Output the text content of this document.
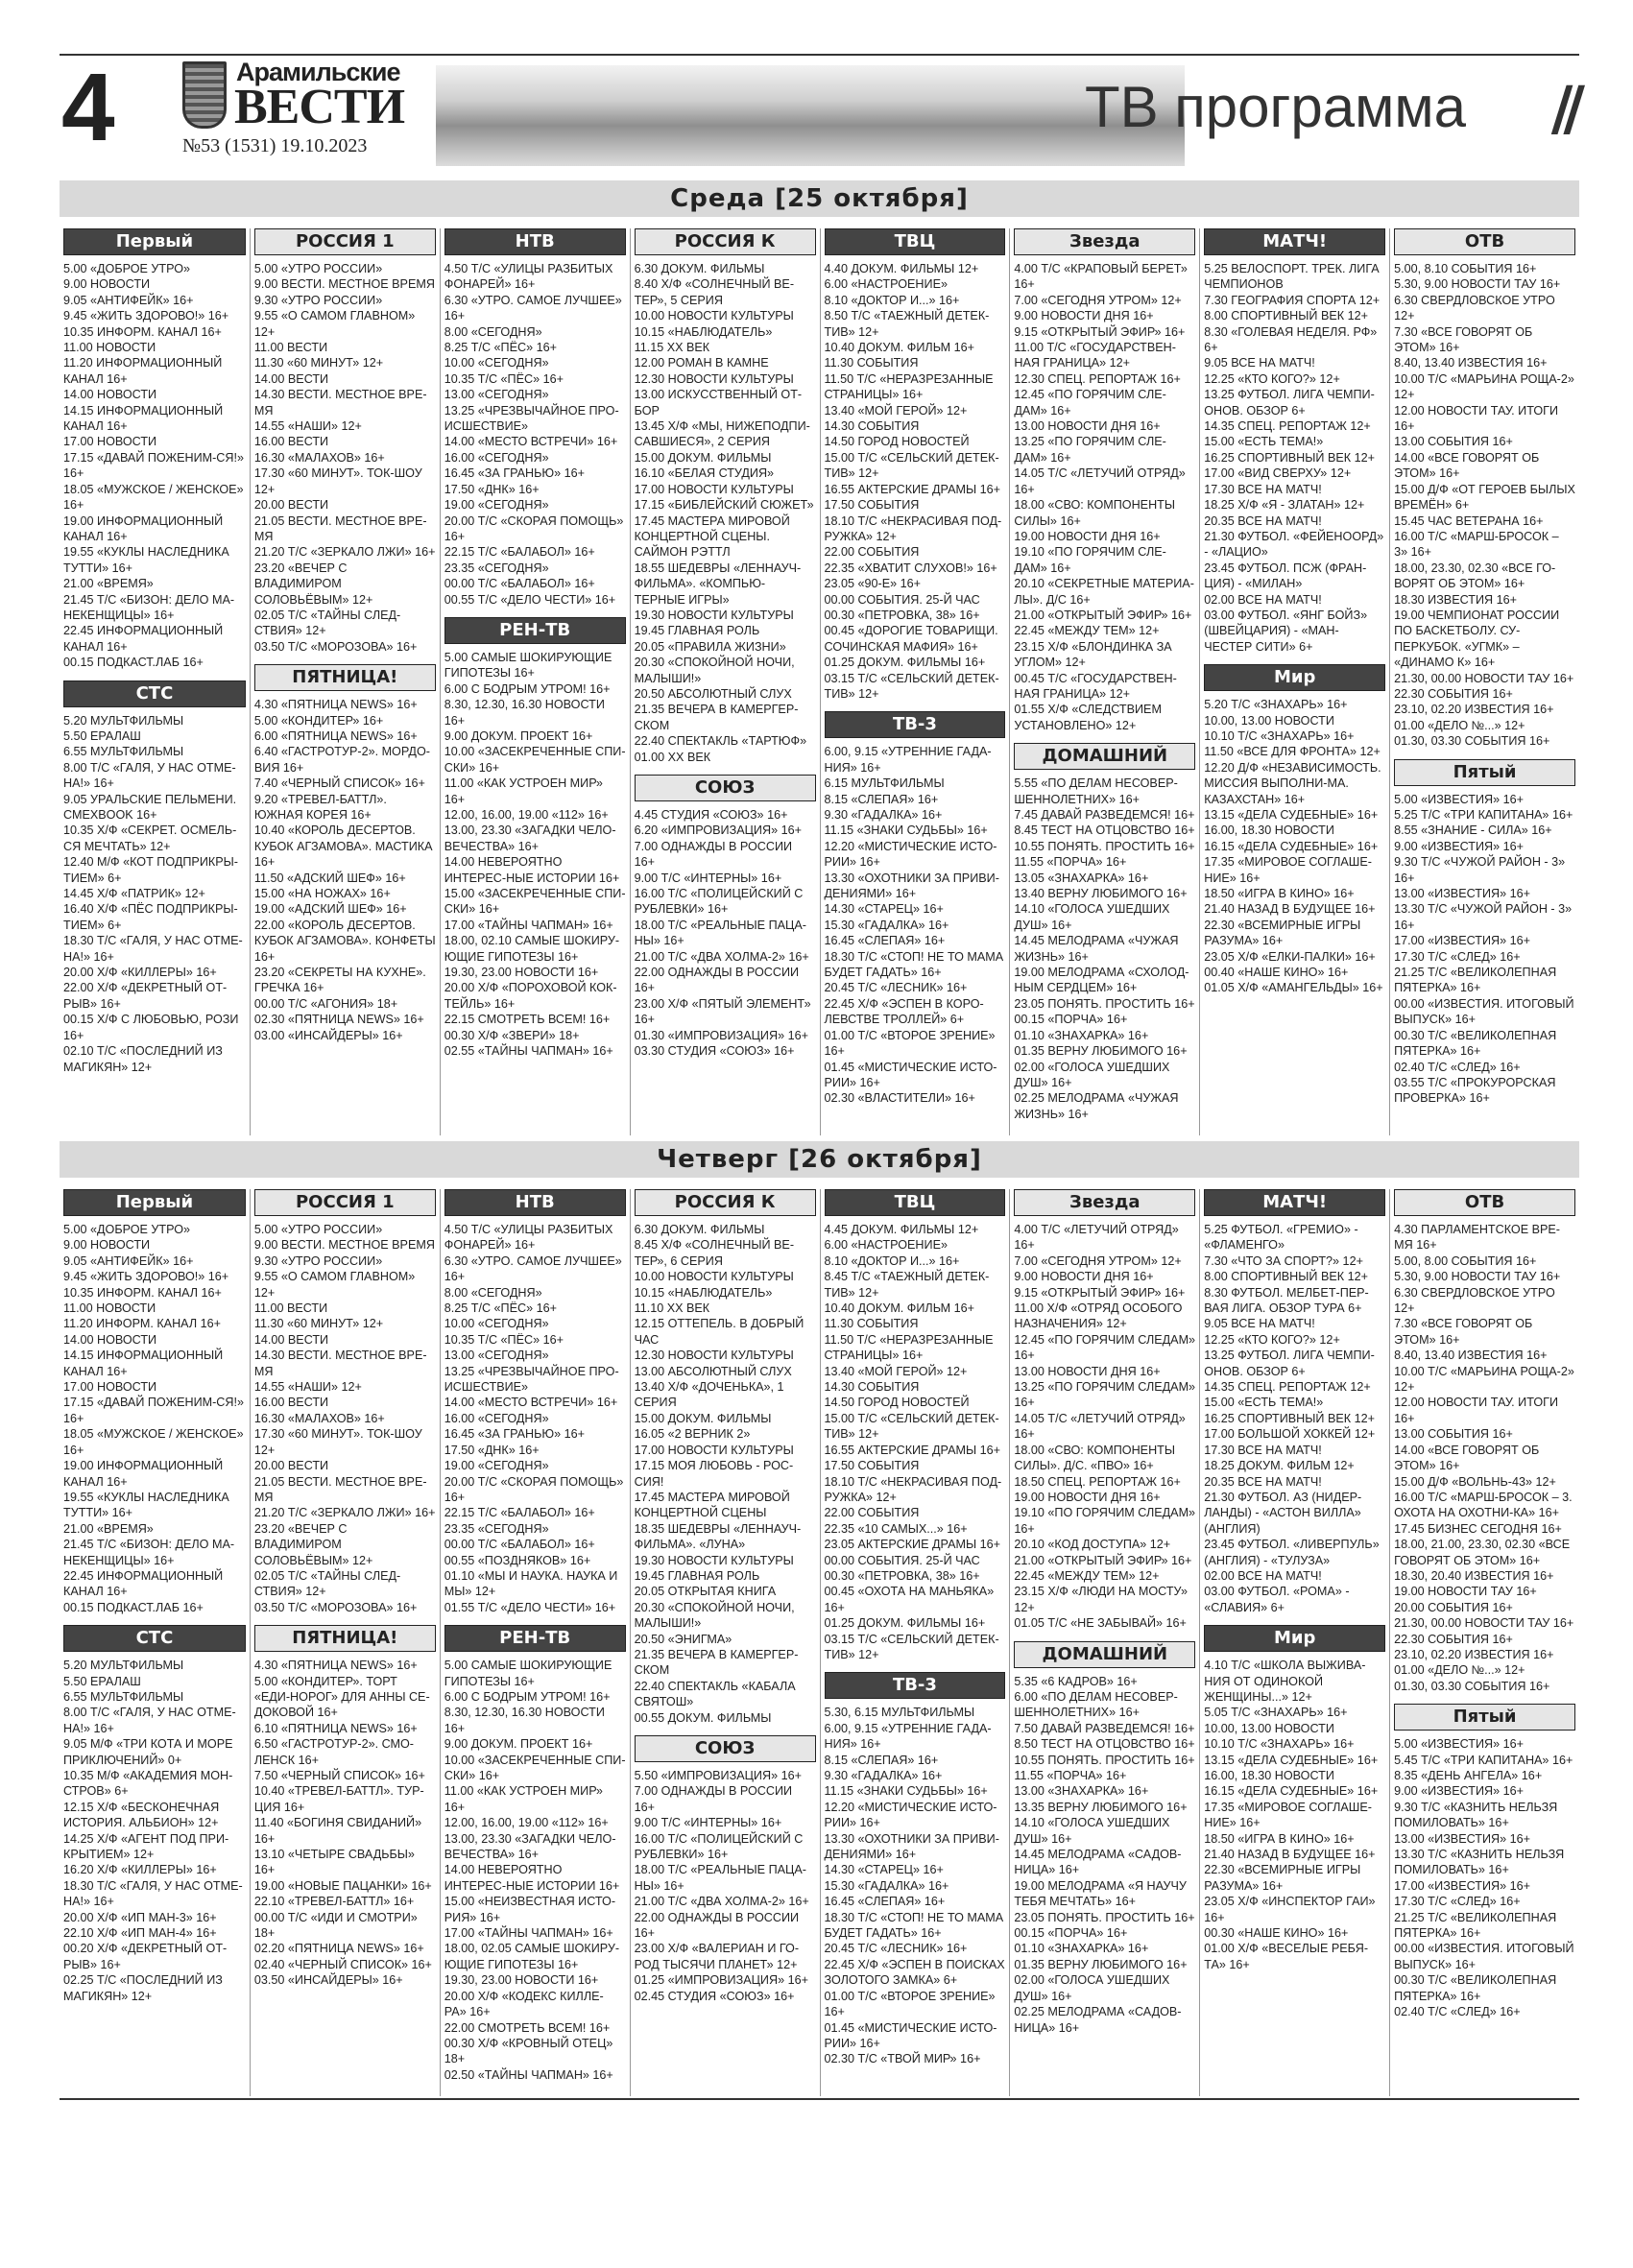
4	Арамильские
ВЕСТИ
№53 (1531) 19.10.2023
ТВ программа //
Среда [25 октября]
Первый
5.00 «ДОБРОЕ УТРО»
9.00 НОВОСТИ
9.05 «АНТИФЕЙК» 16+
9.45 «ЖИТЬ ЗДОРОВО!» 16+
10.35 ИНФОРМ. КАНАЛ 16+
11.00 НОВОСТИ
11.20 ИНФОРМАЦИОННЫЙ КАНАЛ 16+
14.00 НОВОСТИ
14.15 ИНФОРМАЦИОННЫЙ КАНАЛ 16+
17.00 НОВОСТИ
17.15 «ДАВАЙ ПОЖЕНИМ-СЯ!» 16+
18.05 «МУЖСКОЕ / ЖЕНСКОЕ» 16+
19.00 ИНФОРМАЦИОННЫЙ КАНАЛ 16+
19.55 «КУКЛЫ НАСЛЕДНИКА ТУТТИ» 16+
21.00 «ВРЕМЯ»
21.45 Т/С «БИЗОН: ДЕЛО МА-НЕКЕНЩИЦЫ» 16+
22.45 ИНФОРМАЦИОННЫЙ КАНАЛ 16+
00.15 ПОДКАСТ.ЛАБ 16+
СТС
5.20 МУЛЬТФИЛЬМЫ
5.50 ЕРАЛАШ
6.55 МУЛЬТФИЛЬМЫ
8.00 Т/С «ГАЛЯ, У НАС ОТМЕ-НА!» 16+
9.05 УРАЛЬСКИЕ ПЕЛЬМЕНИ. СМЕХBOOK 16+
10.35 Х/Ф «СЕКРЕТ. ОСМЕЛЬ-СЯ МЕЧТАТЬ» 12+
12.40 М/Ф «КОТ ПОДПРИКРЫ-ТИЕМ» 6+
14.45 Х/Ф «ПАТРИК» 12+
16.40 Х/Ф «ПЁС ПОДПРИКРЫ-ТИЕМ» 6+
18.30 Т/С «ГАЛЯ, У НАС ОТМЕ-НА!» 16+
20.00 Х/Ф «КИЛЛЕРЫ» 16+
22.00 Х/Ф «ДЕКРЕТНЫЙ ОТ-РЫВ» 16+
00.15 Х/Ф С ЛЮБОВЬЮ, РОЗИ 16+
02.10 Т/С «ПОСЛЕДНИЙ ИЗ МАГИКЯН» 12+
РОССИЯ 1
5.00 «УТРО РОССИИ»
9.00 ВЕСТИ. МЕСТНОЕ ВРЕМЯ
9.30 «УТРО РОССИИ»
9.55 «О САМОМ ГЛАВНОМ» 12+
11.00 ВЕСТИ
11.30 «60 МИНУТ» 12+
14.00 ВЕСТИ
14.30 ВЕСТИ. МЕСТНОЕ ВРЕ-МЯ
14.55 «НАШИ» 12+
16.00 ВЕСТИ
16.30 «МАЛАХОВ» 16+
17.30 «60 МИНУТ». ТОК-ШОУ 12+
20.00 ВЕСТИ
21.05 ВЕСТИ. МЕСТНОЕ ВРЕ-МЯ
21.20 Т/С «ЗЕРКАЛО ЛЖИ» 16+
23.20 «ВЕЧЕР С ВЛАДИМИРОМ СОЛОВЬЁВЫМ» 12+
02.05 Т/С «ТАЙНЫ СЛЕД-СТВИЯ» 12+
03.50 Т/С «МОРОЗОВА» 16+
ПЯТНИЦА!
4.30 «ПЯТНИЦА NEWS» 16+
5.00 «КОНДИТЕР» 16+
6.00 «ПЯТНИЦА NEWS» 16+
6.40 «ГАСТРОТУР-2». МОРДО-ВИЯ 16+
7.40 «ЧЕРНЫЙ СПИСОК» 16+
9.20 «ТРЕВЕЛ-БАТТЛ». ЮЖНАЯ КОРЕЯ 16+
10.40 «КОРОЛЬ ДЕСЕРТОВ. КУБОК АГЗАМОВА». МАСТИКА 16+
11.50 «АДСКИЙ ШЕФ» 16+
15.00 «НА НОЖАХ» 16+
19.00 «АДСКИЙ ШЕФ» 16+
22.00 «КОРОЛЬ ДЕСЕРТОВ. КУБОК АГЗАМОВА». КОНФЕТЫ 16+
23.20 «СЕКРЕТЫ НА КУХНЕ». ГРЕЧКА 16+
00.00 Т/С «АГОНИЯ» 18+
02.30 «ПЯТНИЦА NEWS» 16+
03.00 «ИНСАЙДЕРЫ» 16+
НТВ
4.50 Т/С «УЛИЦЫ РАЗБИТЫХ ФОНАРЕЙ» 16+
6.30 «УТРО. САМОЕ ЛУЧШЕЕ» 16+
8.00 «СЕГОДНЯ»
8.25 Т/С «ПЁС» 16+
10.00 «СЕГОДНЯ»
10.35 Т/С «ПЁС» 16+
13.00 «СЕГОДНЯ»
13.25 «ЧРЕЗВЫЧАЙНОЕ ПРО-ИСШЕСТВИЕ»
14.00 «МЕСТО ВСТРЕЧИ» 16+
16.00 «СЕГОДНЯ»
16.45 «ЗА ГРАНЬЮ» 16+
17.50 «ДНК» 16+
19.00 «СЕГОДНЯ»
20.00 Т/С «СКОРАЯ ПОМОЩЬ» 16+
22.15 Т/С «БАЛАБОЛ» 16+
23.35 «СЕГОДНЯ»
00.00 Т/С «БАЛАБОЛ» 16+
00.55 Т/С «ДЕЛО ЧЕСТИ» 16+
РЕН-ТВ
5.00 САМЫЕ ШОКИРУЮЩИЕ ГИПОТЕЗЫ 16+
6.00 С БОДРЫМ УТРОМ! 16+
8.30, 12.30, 16.30 НОВОСТИ 16+
9.00 ДОКУМ. ПРОЕКТ 16+
10.00 «ЗАСЕКРЕЧЕННЫЕ СПИ-СКИ» 16+
11.00 «КАК УСТРОЕН МИР» 16+
12.00, 16.00, 19.00 «112» 16+
13.00, 23.30 «ЗАГАДКИ ЧЕЛО-ВЕЧЕСТВА» 16+
14.00 НЕВЕРОЯТНО ИНТЕРЕС-НЫЕ ИСТОРИИ 16+
15.00 «ЗАСЕКРЕЧЕННЫЕ СПИ-СКИ» 16+
17.00 «ТАЙНЫ ЧАПМАН» 16+
18.00, 02.10 САМЫЕ ШОКИРУ-ЮЩИЕ ГИПОТЕЗЫ 16+
19.30, 23.00 НОВОСТИ 16+
20.00 Х/Ф «ПОРОХОВОЙ КОК-ТЕЙЛЬ» 16+
22.15 СМОТРЕТЬ ВСЕМ! 16+
00.30 Х/Ф «ЗВЕРИ» 18+
02.55 «ТАЙНЫ ЧАПМАН» 16+
РОССИЯ К
6.30 ДОКУМ. ФИЛЬМЫ
8.40 Х/Ф «СОЛНЕЧНЫЙ ВЕ-ТЕР», 5 СЕРИЯ
10.00 НОВОСТИ КУЛЬТУРЫ
10.15 «НАБЛЮДАТЕЛЬ»
11.15 XX ВЕК
12.00 РОМАН В КАМНЕ
12.30 НОВОСТИ КУЛЬТУРЫ
13.00 ИСКУССТВЕННЫЙ ОТ-БОР
13.45 Х/Ф «МЫ, НИЖЕПОДПИ-САВШИЕСЯ», 2 СЕРИЯ
15.00 ДОКУМ. ФИЛЬМЫ
16.10 «БЕЛАЯ СТУДИЯ»
17.00 НОВОСТИ КУЛЬТУРЫ
17.15 «БИБЛЕЙСКИЙ СЮЖЕТ»
17.45 МАСТЕРА МИРОВОЙ КОНЦЕРТНОЙ СЦЕНЫ. САЙМОН РЭТТЛ
18.55 ШЕДЕВРЫ «ЛЕННАУЧ-ФИЛЬМА». «КОМПЬЮ-ТЕРНЫЕ ИГРЫ»
19.30 НОВОСТИ КУЛЬТУРЫ
19.45 ГЛАВНАЯ РОЛЬ
20.05 «ПРАВИЛА ЖИЗНИ»
20.30 «СПОКОЙНОЙ НОЧИ, МАЛЫШИ!»
20.50 АБСОЛЮТНЫЙ СЛУХ
21.35 ВЕЧЕРА В КАМЕРГЕР-СКОМ
22.40 СПЕКТАКЛЬ «ТАРТЮФ»
01.00 XX ВЕК
СОЮЗ
4.45 СТУДИЯ «СОЮЗ» 16+
6.20 «ИМПРОВИЗАЦИЯ» 16+
7.00 ОДНАЖДЫ В РОССИИ 16+
9.00 Т/С «ИНТЕРНЫ» 16+
16.00 Т/С «ПОЛИЦЕЙСКИЙ С РУБЛЕВКИ» 16+
18.00 Т/С «РЕАЛЬНЫЕ ПАЦА-НЫ» 16+
21.00 Т/С «ДВА ХОЛМА-2» 16+
22.00 ОДНАЖДЫ В РОССИИ 16+
23.00 Х/Ф «ПЯТЫЙ ЭЛЕМЕНТ» 16+
01.30 «ИМПРОВИЗАЦИЯ» 16+
03.30 СТУДИЯ «СОЮЗ» 16+
ТВЦ
4.40 ДОКУМ. ФИЛЬМЫ 12+
6.00 «НАСТРОЕНИЕ»
8.10 «ДОКТОР И...» 16+
8.50 Т/С «ТАЕЖНЫЙ ДЕТЕК-ТИВ» 12+
10.40 ДОКУМ. ФИЛЬМ 16+
11.30 СОБЫТИЯ
11.50 Т/С «НЕРАЗРЕЗАННЫЕ СТРАНИЦЫ» 16+
13.40 «МОЙ ГЕРОЙ» 12+
14.30 СОБЫТИЯ
14.50 ГОРОД НОВОСТЕЙ
15.00 Т/С «СЕЛЬСКИЙ ДЕТЕК-ТИВ» 12+
16.55 АКТЕРСКИЕ ДРАМЫ 16+
17.50 СОБЫТИЯ
18.10 Т/С «НЕКРАСИВАЯ ПОД-РУЖКА» 12+
22.00 СОБЫТИЯ
22.35 «ХВАТИТ СЛУХОВ!» 16+
23.05 «90-Е» 16+
00.00 СОБЫТИЯ. 25-Й ЧАС
00.30 «ПЕТРОВКА, 38» 16+
00.45 «ДОРОГИЕ ТОВАРИЩИ. СОЧИНСКАЯ МАФИЯ» 16+
01.25 ДОКУМ. ФИЛЬМЫ 16+
03.15 Т/С «СЕЛЬСКИЙ ДЕТЕК-ТИВ» 12+
ТВ-3
6.00, 9.15 «УТРЕННИЕ ГАДА-НИЯ» 16+
6.15 МУЛЬТФИЛЬМЫ
8.15 «СЛЕПАЯ» 16+
9.30 «ГАДАЛКА» 16+
11.15 «ЗНАКИ СУДЬБЫ» 16+
12.20 «МИСТИЧЕСКИЕ ИСТО-РИИ» 16+
13.30 «ОХОТНИКИ ЗА ПРИВИ-ДЕНИЯМИ» 16+
14.30 «СТАРЕЦ» 16+
15.30 «ГАДАЛКА» 16+
16.45 «СЛЕПАЯ» 16+
18.30 Т/С «СТОП! НЕ ТО МАМА БУДЕТ ГАДАТЬ» 16+
20.45 Т/С «ЛЕСНИК» 16+
22.45 Х/Ф «ЭСПЕН В КОРО-ЛЕВСТВЕ ТРОЛЛЕЙ» 6+
01.00 Т/С «ВТОРОЕ ЗРЕНИЕ» 16+
01.45 «МИСТИЧЕСКИЕ ИСТО-РИИ» 16+
02.30 «ВЛАСТИТЕЛИ» 16+
Звезда
4.00 Т/С «КРАПОВЫЙ БЕРЕТ» 16+
7.00 «СЕГОДНЯ УТРОМ» 12+
9.00 НОВОСТИ ДНЯ 16+
9.15 «ОТКРЫТЫЙ ЭФИР» 16+
11.00 Т/С «ГОСУДАРСТВЕН-НАЯ ГРАНИЦА» 12+
12.30 СПЕЦ. РЕПОРТАЖ 16+
12.45 «ПО ГОРЯЧИМ СЛЕ-ДАМ» 16+
13.00 НОВОСТИ ДНЯ 16+
13.25 «ПО ГОРЯЧИМ СЛЕ-ДАМ» 16+
14.05 Т/С «ЛЕТУЧИЙ ОТРЯД» 16+
18.00 «СВО: КОМПОНЕНТЫ СИЛЫ» 16+
19.00 НОВОСТИ ДНЯ 16+
19.10 «ПО ГОРЯЧИМ СЛЕ-ДАМ» 16+
20.10 «СЕКРЕТНЫЕ МАТЕРИА-ЛЫ». Д/С 16+
21.00 «ОТКРЫТЫЙ ЭФИР» 16+
22.45 «МЕЖДУ ТЕМ» 12+
23.15 Х/Ф «БЛОНДИНКА ЗА УГЛОМ» 12+
00.45 Т/С «ГОСУДАРСТВЕН-НАЯ ГРАНИЦА» 12+
01.55 Х/Ф «СЛЕДСТВИЕМ УСТАНОВЛЕНО» 12+
ДОМАШНИЙ
5.55 «ПО ДЕЛАМ НЕСОВЕР-ШЕННОЛЕТНИХ» 16+
7.45 ДАВАЙ РАЗВЕДЕМСЯ! 16+
8.45 ТЕСТ НА ОТЦОВСТВО 16+
10.55 ПОНЯТЬ. ПРОСТИТЬ 16+
11.55 «ПОРЧА» 16+
13.05 «ЗНАХАРКА» 16+
13.40 ВЕРНУ ЛЮБИМОГО 16+
14.10 «ГОЛОСА УШЕДШИХ ДУШ» 16+
14.45 МЕЛОДРАМА «ЧУЖАЯ ЖИЗНЬ» 16+
19.00 МЕЛОДРАМА «СХОЛОД-НЫМ СЕРДЦЕМ» 16+
23.05 ПОНЯТЬ. ПРОСТИТЬ 16+
00.15 «ПОРЧА» 16+
01.10 «ЗНАХАРКА» 16+
01.35 ВЕРНУ ЛЮБИМОГО 16+
02.00 «ГОЛОСА УШЕДШИХ ДУШ» 16+
02.25 МЕЛОДРАМА «ЧУЖАЯ ЖИЗНЬ» 16+
МАТЧ!
5.25 ВЕЛОСПОРТ. ТРЕК. ЛИГА ЧЕМПИОНОВ
7.30 ГЕОГРАФИЯ СПОРТА 12+
8.00 СПОРТИВНЫЙ ВЕК 12+
8.30 «ГОЛЕВАЯ НЕДЕЛЯ. РФ» 6+
9.05 ВСЕ НА МАТЧ!
12.25 «КТО КОГО?» 12+
13.25 ФУТБОЛ. ЛИГА ЧЕМПИ-ОНОВ. ОБЗОР 6+
14.35 СПЕЦ. РЕПОРТАЖ 12+
15.00 «ЕСТЬ ТЕМА!»
16.25 СПОРТИВНЫЙ ВЕК 12+
17.00 «ВИД СВЕРХУ» 12+
17.30 ВСЕ НА МАТЧ!
18.25 Х/Ф «Я - ЗЛАТАН» 12+
20.35 ВСЕ НА МАТЧ!
21.30 ФУТБОЛ. «ФЕЙЕНООРД» - «ЛАЦИО»
23.45 ФУТБОЛ. ПСЖ (ФРАН-ЦИЯ) - «МИЛАН»
02.00 ВСЕ НА МАТЧ!
03.00 ФУТБОЛ. «ЯНГ БОЙЗ» (ШВЕЙЦАРИЯ) - «МАН-ЧЕСТЕР СИТИ» 6+
Мир
5.20 Т/С «ЗНАХАРЬ» 16+
10.00, 13.00 НОВОСТИ
10.10 Т/С «ЗНАХАРЬ» 16+
11.50 «ВСЕ ДЛЯ ФРОНТА» 12+
12.20 Д/Ф «НЕЗАВИСИМОСТЬ. МИССИЯ ВЫПОЛНИ-МА. КАЗАХСТАН» 16+
13.15 «ДЕЛА СУДЕБНЫЕ» 16+
16.00, 18.30 НОВОСТИ
16.15 «ДЕЛА СУДЕБНЫЕ» 16+
17.35 «МИРОВОЕ СОГЛАШЕ-НИЕ» 16+
18.50 «ИГРА В КИНО» 16+
21.40 НАЗАД В БУДУЩЕЕ 16+
22.30 «ВСЕМИРНЫЕ ИГРЫ РАЗУМА» 16+
23.05 Х/Ф «ЕЛКИ-ПАЛКИ» 16+
00.40 «НАШЕ КИНО» 16+
01.05 Х/Ф «АМАНГЕЛЬДЫ» 16+
ОТВ
5.00, 8.10 СОБЫТИЯ 16+
5.30, 9.00 НОВОСТИ ТАУ 16+
6.30 СВЕРДЛОВСКОЕ УТРО 12+
7.30 «ВСЕ ГОВОРЯТ ОБ ЭТОМ» 16+
8.40, 13.40 ИЗВЕСТИЯ 16+
10.00 Т/С «МАРЬИНА РОЩА-2» 12+
12.00 НОВОСТИ ТАУ. ИТОГИ 16+
13.00 СОБЫТИЯ 16+
14.00 «ВСЕ ГОВОРЯТ ОБ ЭТОМ» 16+
15.00 Д/Ф «ОТ ГЕРОЕВ БЫЛЫХ ВРЕМЁН» 6+
15.45 ЧАС ВЕТЕРАНА 16+
16.00 Т/С «МАРШ-БРОСОК – 3» 16+
18.00, 23.30, 02.30 «ВСЕ ГО-ВОРЯТ ОБ ЭТОМ» 16+
18.30 ИЗВЕСТИЯ 16+
19.00 ЧЕМПИОНАТ РОССИИ ПО БАСКЕТБОЛУ. СУ-ПЕРКУБОК. «УГМК» – «ДИНАМО К» 16+
21.30, 00.00 НОВОСТИ ТАУ 16+
22.30 СОБЫТИЯ 16+
23.10, 02.20 ИЗВЕСТИЯ 16+
01.00 «ДЕЛО №...» 12+
01.30, 03.30 СОБЫТИЯ 16+
Пятый
5.00 «ИЗВЕСТИЯ» 16+
5.25 Т/С «ТРИ КАПИТАНА» 16+
8.55 «ЗНАНИЕ - СИЛА» 16+
9.00 «ИЗВЕСТИЯ» 16+
9.30 Т/С «ЧУЖОЙ РАЙОН - 3» 16+
13.00 «ИЗВЕСТИЯ» 16+
13.30 Т/С «ЧУЖОЙ РАЙОН - 3» 16+
17.00 «ИЗВЕСТИЯ» 16+
17.30 Т/С «СЛЕД» 16+
21.25 Т/С «ВЕЛИКОЛЕПНАЯ ПЯТЕРКА» 16+
00.00 «ИЗВЕСТИЯ. ИТОГОВЫЙ ВЫПУСК» 16+
00.30 Т/С «ВЕЛИКОЛЕПНАЯ ПЯТЕРКА» 16+
02.40 Т/С «СЛЕД» 16+
03.55 Т/С «ПРОКУРОРСКАЯ ПРОВЕРКА» 16+
Четверг [26 октября]
Первый
5.00 «ДОБРОЕ УТРО»
9.00 НОВОСТИ
9.05 «АНТИФЕЙК» 16+
9.45 «ЖИТЬ ЗДОРОВО!» 16+
10.35 ИНФОРМ. КАНАЛ 16+
11.00 НОВОСТИ
11.20 ИНФОРМ. КАНАЛ 16+
14.00 НОВОСТИ
14.15 ИНФОРМАЦИОННЫЙ КАНАЛ 16+
17.00 НОВОСТИ
17.15 «ДАВАЙ ПОЖЕНИМ-СЯ!» 16+
18.05 «МУЖСКОЕ / ЖЕНСКОЕ» 16+
19.00 ИНФОРМАЦИОННЫЙ КАНАЛ 16+
19.55 «КУКЛЫ НАСЛЕДНИКА ТУТТИ» 16+
21.00 «ВРЕМЯ»
21.45 Т/С «БИЗОН: ДЕЛО МА-НЕКЕНЩИЦЫ» 16+
22.45 ИНФОРМАЦИОННЫЙ КАНАЛ 16+
00.15 ПОДКАСТ.ЛАБ 16+
СТС
5.20 МУЛЬТФИЛЬМЫ
5.50 ЕРАЛАШ
6.55 МУЛЬТФИЛЬМЫ
8.00 Т/С «ГАЛЯ, У НАС ОТМЕ-НА!» 16+
9.05 М/Ф «ТРИ КОТА И МОРЕ ПРИКЛЮЧЕНИЙ» 0+
10.35 М/Ф «АКАДЕМИЯ МОН-СТРОВ» 6+
12.15 Х/Ф «БЕСКОНЕЧНАЯ ИСТОРИЯ. АЛЬБИОН» 12+
14.25 Х/Ф «АГЕНТ ПОД ПРИ-КРЫТИЕМ» 12+
16.20 Х/Ф «КИЛЛЕРЫ» 16+
18.30 Т/С «ГАЛЯ, У НАС ОТМЕ-НА!» 16+
20.00 Х/Ф «ИП МАН-3» 16+
22.10 Х/Ф «ИП МАН-4» 16+
00.20 Х/Ф «ДЕКРЕТНЫЙ ОТ-РЫВ» 16+
02.25 Т/С «ПОСЛЕДНИЙ ИЗ МАГИКЯН» 12+
РОССИЯ 1
5.00 «УТРО РОССИИ»
9.00 ВЕСТИ. МЕСТНОЕ ВРЕМЯ
9.30 «УТРО РОССИИ»
9.55 «О САМОМ ГЛАВНОМ» 12+
11.00 ВЕСТИ
11.30 «60 МИНУТ» 12+
14.00 ВЕСТИ
14.30 ВЕСТИ. МЕСТНОЕ ВРЕ-МЯ
14.55 «НАШИ» 12+
16.00 ВЕСТИ
16.30 «МАЛАХОВ» 16+
17.30 «60 МИНУТ». ТОК-ШОУ 12+
20.00 ВЕСТИ
21.05 ВЕСТИ. МЕСТНОЕ ВРЕ-МЯ
21.20 Т/С «ЗЕРКАЛО ЛЖИ» 16+
23.20 «ВЕЧЕР С ВЛАДИМИРОМ СОЛОВЬЁВЫМ» 12+
02.05 Т/С «ТАЙНЫ СЛЕД-СТВИЯ» 12+
03.50 Т/С «МОРОЗОВА» 16+
ПЯТНИЦА!
4.30 «ПЯТНИЦА NEWS» 16+
5.00 «КОНДИТЕР». ТОРТ «ЕДИ-НОРОГ» ДЛЯ АННЫ СЕ-ДОКОВОЙ 16+
6.10 «ПЯТНИЦА NEWS» 16+
6.50 «ГАСТРОТУР-2». СМО-ЛЕНСК 16+
7.50 «ЧЕРНЫЙ СПИСОК» 16+
10.40 «ТРЕВЕЛ-БАТТЛ». ТУР-ЦИЯ 16+
11.40 «БОГИНЯ СВИДАНИЙ» 16+
13.10 «ЧЕТЫРЕ СВАДЬБЫ» 16+
19.00 «НОВЫЕ ПАЦАНКИ» 16+
22.10 «ТРЕВЕЛ-БАТТЛ» 16+
00.00 Т/С «ИДИ И СМОТРИ» 18+
02.20 «ПЯТНИЦА NEWS» 16+
02.40 «ЧЕРНЫЙ СПИСОК» 16+
03.50 «ИНСАЙДЕРЫ» 16+
НТВ
4.50 Т/С «УЛИЦЫ РАЗБИТЫХ ФОНАРЕЙ» 16+
6.30 «УТРО. САМОЕ ЛУЧШЕЕ» 16+
8.00 «СЕГОДНЯ»
8.25 Т/С «ПЁС» 16+
10.00 «СЕГОДНЯ»
10.35 Т/С «ПЁС» 16+
13.00 «СЕГОДНЯ»
13.25 «ЧРЕЗВЫЧАЙНОЕ ПРО-ИСШЕСТВИЕ»
14.00 «МЕСТО ВСТРЕЧИ» 16+
16.00 «СЕГОДНЯ»
16.45 «ЗА ГРАНЬЮ» 16+
17.50 «ДНК» 16+
19.00 «СЕГОДНЯ»
20.00 Т/С «СКОРАЯ ПОМОЩЬ» 16+
22.15 Т/С «БАЛАБОЛ» 16+
23.35 «СЕГОДНЯ»
00.00 Т/С «БАЛАБОЛ» 16+
00.55 «ПОЗДНЯКОВ» 16+
01.10 «МЫ И НАУКА. НАУКА И МЫ» 12+
01.55 Т/С «ДЕЛО ЧЕСТИ» 16+
РЕН-ТВ
5.00 САМЫЕ ШОКИРУЮЩИЕ ГИПОТЕЗЫ 16+
6.00 С БОДРЫМ УТРОМ! 16+
8.30, 12.30, 16.30 НОВОСТИ 16+
9.00 ДОКУМ. ПРОЕКТ 16+
10.00 «ЗАСЕКРЕЧЕННЫЕ СПИ-СКИ» 16+
11.00 «КАК УСТРОЕН МИР» 16+
12.00, 16.00, 19.00 «112» 16+
13.00, 23.30 «ЗАГАДКИ ЧЕЛО-ВЕЧЕСТВА» 16+
14.00 НЕВЕРОЯТНО ИНТЕРЕС-НЫЕ ИСТОРИИ 16+
15.00 «НЕИЗВЕСТНАЯ ИСТО-РИЯ» 16+
17.00 «ТАЙНЫ ЧАПМАН» 16+
18.00, 02.05 САМЫЕ ШОКИРУ-ЮЩИЕ ГИПОТЕЗЫ 16+
19.30, 23.00 НОВОСТИ 16+
20.00 Х/Ф «КОДЕКС КИЛЛЕ-РА» 16+
22.00 СМОТРЕТЬ ВСЕМ! 16+
00.30 Х/Ф «КРОВНЫЙ ОТЕЦ» 18+
02.50 «ТАЙНЫ ЧАПМАН» 16+
РОССИЯ К
6.30 ДОКУМ. ФИЛЬМЫ
8.45 Х/Ф «СОЛНЕЧНЫЙ ВЕ-ТЕР», 6 СЕРИЯ
10.00 НОВОСТИ КУЛЬТУРЫ
10.15 «НАБЛЮДАТЕЛЬ»
11.10 XX ВЕК
12.15 ОТТЕПЕЛЬ. В ДОБРЫЙ ЧАС
12.30 НОВОСТИ КУЛЬТУРЫ
13.00 АБСОЛЮТНЫЙ СЛУХ
13.40 Х/Ф «ДОЧЕНЬКА», 1 СЕРИЯ
15.00 ДОКУМ. ФИЛЬМЫ
16.05 «2 ВЕРНИК 2»
17.00 НОВОСТИ КУЛЬТУРЫ
17.15 МОЯ ЛЮБОВЬ - РОС-СИЯ!
17.45 МАСТЕРА МИРОВОЙ КОНЦЕРТНОЙ СЦЕНЫ
18.35 ШЕДЕВРЫ «ЛЕННАУЧ-ФИЛЬМА». «ЛУНА»
19.30 НОВОСТИ КУЛЬТУРЫ
19.45 ГЛАВНАЯ РОЛЬ
20.05 ОТКРЫТАЯ КНИГА
20.30 «СПОКОЙНОЙ НОЧИ, МАЛЫШИ!»
20.50 «ЭНИГМА»
21.35 ВЕЧЕРА В КАМЕРГЕР-СКОМ
22.40 СПЕКТАКЛЬ «КАБАЛА СВЯТОШ»
00.55 ДОКУМ. ФИЛЬМЫ
СОЮЗ
5.50 «ИМПРОВИЗАЦИЯ» 16+
7.00 ОДНАЖДЫ В РОССИИ 16+
9.00 Т/С «ИНТЕРНЫ» 16+
16.00 Т/С «ПОЛИЦЕЙСКИЙ С РУБЛЕВКИ» 16+
18.00 Т/С «РЕАЛЬНЫЕ ПАЦА-НЫ» 16+
21.00 Т/С «ДВА ХОЛМА-2» 16+
22.00 ОДНАЖДЫ В РОССИИ 16+
23.00 Х/Ф «ВАЛЕРИАН И ГО-РОД ТЫСЯЧИ ПЛАНЕТ» 12+
01.25 «ИМПРОВИЗАЦИЯ» 16+
02.45 СТУДИЯ «СОЮЗ» 16+
ТВЦ
4.45 ДОКУМ. ФИЛЬМЫ 12+
6.00 «НАСТРОЕНИЕ»
8.10 «ДОКТОР И...» 16+
8.45 Т/С «ТАЕЖНЫЙ ДЕТЕК-ТИВ» 12+
10.40 ДОКУМ. ФИЛЬМ 16+
11.30 СОБЫТИЯ
11.50 Т/С «НЕРАЗРЕЗАННЫЕ СТРАНИЦЫ» 16+
13.40 «МОЙ ГЕРОЙ» 12+
14.30 СОБЫТИЯ
14.50 ГОРОД НОВОСТЕЙ
15.00 Т/С «СЕЛЬСКИЙ ДЕТЕК-ТИВ» 12+
16.55 АКТЕРСКИЕ ДРАМЫ 16+
17.50 СОБЫТИЯ
18.10 Т/С «НЕКРАСИВАЯ ПОД-РУЖКА» 12+
22.00 СОБЫТИЯ
22.35 «10 САМЫХ...» 16+
23.05 АКТЕРСКИЕ ДРАМЫ 16+
00.00 СОБЫТИЯ. 25-Й ЧАС
00.30 «ПЕТРОВКА, 38» 16+
00.45 «ОХОТА НА МАНЬЯКА» 16+
01.25 ДОКУМ. ФИЛЬМЫ 16+
03.15 Т/С «СЕЛЬСКИЙ ДЕТЕК-ТИВ» 12+
ТВ-3
5.30, 6.15 МУЛЬТФИЛЬМЫ
6.00, 9.15 «УТРЕННИЕ ГАДА-НИЯ» 16+
8.15 «СЛЕПАЯ» 16+
9.30 «ГАДАЛКА» 16+
11.15 «ЗНАКИ СУДЬБЫ» 16+
12.20 «МИСТИЧЕСКИЕ ИСТО-РИИ» 16+
13.30 «ОХОТНИКИ ЗА ПРИВИ-ДЕНИЯМИ» 16+
14.30 «СТАРЕЦ» 16+
15.30 «ГАДАЛКА» 16+
16.45 «СЛЕПАЯ» 16+
18.30 Т/С «СТОП! НЕ ТО МАМА БУДЕТ ГАДАТЬ» 16+
20.45 Т/С «ЛЕСНИК» 16+
22.45 Х/Ф «ЭСПЕН В ПОИСКАХ ЗОЛОТОГО ЗАМКА» 6+
01.00 Т/С «ВТОРОЕ ЗРЕНИЕ» 16+
01.45 «МИСТИЧЕСКИЕ ИСТО-РИИ» 16+
02.30 Т/С «ТВОЙ МИР» 16+
Звезда
4.00 Т/С «ЛЕТУЧИЙ ОТРЯД» 16+
7.00 «СЕГОДНЯ УТРОМ» 12+
9.00 НОВОСТИ ДНЯ 16+
9.15 «ОТКРЫТЫЙ ЭФИР» 16+
11.00 Х/Ф «ОТРЯД ОСОБОГО НАЗНАЧЕНИЯ» 12+
12.45 «ПО ГОРЯЧИМ СЛЕДАМ» 16+
13.00 НОВОСТИ ДНЯ 16+
13.25 «ПО ГОРЯЧИМ СЛЕДАМ» 16+
14.05 Т/С «ЛЕТУЧИЙ ОТРЯД» 16+
18.00 «СВО: КОМПОНЕНТЫ СИЛЫ». Д/С. «ПВО» 16+
18.50 СПЕЦ. РЕПОРТАЖ 16+
19.00 НОВОСТИ ДНЯ 16+
19.10 «ПО ГОРЯЧИМ СЛЕДАМ» 16+
20.10 «КОД ДОСТУПА» 12+
21.00 «ОТКРЫТЫЙ ЭФИР» 16+
22.45 «МЕЖДУ ТЕМ» 12+
23.15 Х/Ф «ЛЮДИ НА МОСТУ» 12+
01.05 Т/С «НЕ ЗАБЫВАЙ» 16+
ДОМАШНИЙ
5.35 «6 КАДРОВ» 16+
6.00 «ПО ДЕЛАМ НЕСОВЕР-ШЕННОЛЕТНИХ» 16+
7.50 ДАВАЙ РАЗВЕДЕМСЯ! 16+
8.50 ТЕСТ НА ОТЦОВСТВО 16+
10.55 ПОНЯТЬ. ПРОСТИТЬ 16+
11.55 «ПОРЧА» 16+
13.00 «ЗНАХАРКА» 16+
13.35 ВЕРНУ ЛЮБИМОГО 16+
14.10 «ГОЛОСА УШЕДШИХ ДУШ» 16+
14.45 МЕЛОДРАМА «САДОВ-НИЦА» 16+
19.00 МЕЛОДРАМА «Я НАУЧУ ТЕБЯ МЕЧТАТЬ» 16+
23.05 ПОНЯТЬ. ПРОСТИТЬ 16+
00.15 «ПОРЧА» 16+
01.10 «ЗНАХАРКА» 16+
01.35 ВЕРНУ ЛЮБИМОГО 16+
02.00 «ГОЛОСА УШЕДШИХ ДУШ» 16+
02.25 МЕЛОДРАМА «САДОВ-НИЦА» 16+
МАТЧ!
5.25 ФУТБОЛ. «ГРЕМИО» - «ФЛАМЕНГО»
7.30 «ЧТО ЗА СПОРТ?» 12+
8.00 СПОРТИВНЫЙ ВЕК 12+
8.30 ФУТБОЛ. МЕЛБЕТ-ПЕР-ВАЯ ЛИГА. ОБЗОР ТУРА 6+
9.05 ВСЕ НА МАТЧ!
12.25 «КТО КОГО?» 12+
13.25 ФУТБОЛ. ЛИГА ЧЕМПИ-ОНОВ. ОБЗОР 6+
14.35 СПЕЦ. РЕПОРТАЖ 12+
15.00 «ЕСТЬ ТЕМА!»
16.25 СПОРТИВНЫЙ ВЕК 12+
17.00 БОЛЬШОЙ ХОККЕЙ 12+
17.30 ВСЕ НА МАТЧ!
18.25 ДОКУМ. ФИЛЬМ 12+
20.35 ВСЕ НА МАТЧ!
21.30 ФУТБОЛ. АЗ (НИДЕР-ЛАНДЫ) - «АСТОН ВИЛЛА» (АНГЛИЯ)
23.45 ФУТБОЛ. «ЛИВЕРПУЛЬ» (АНГЛИЯ) - «ТУЛУЗА»
02.00 ВСЕ НА МАТЧ!
03.00 ФУТБОЛ. «РОМА» - «СЛАВИЯ» 6+
Мир
4.10 Т/С «ШКОЛА ВЫЖИВА-НИЯ ОТ ОДИНОКОЙ ЖЕНЩИНЫ...» 12+
5.05 Т/С «ЗНАХАРЬ» 16+
10.00, 13.00 НОВОСТИ
10.10 Т/С «ЗНАХАРЬ» 16+
13.15 «ДЕЛА СУДЕБНЫЕ» 16+
16.00, 18.30 НОВОСТИ
16.15 «ДЕЛА СУДЕБНЫЕ» 16+
17.35 «МИРОВОЕ СОГЛАШЕ-НИЕ» 16+
18.50 «ИГРА В КИНО» 16+
21.40 НАЗАД В БУДУЩЕЕ 16+
22.30 «ВСЕМИРНЫЕ ИГРЫ РАЗУМА» 16+
23.05 Х/Ф «ИНСПЕКТОР ГАИ» 16+
00.30 «НАШЕ КИНО» 16+
01.00 Х/Ф «ВЕСЕЛЫЕ РЕБЯ-ТА» 16+
ОТВ
4.30 ПАРЛАМЕНТСКОЕ ВРЕ-МЯ 16+
5.00, 8.00 СОБЫТИЯ 16+
5.30, 9.00 НОВОСТИ ТАУ 16+
6.30 СВЕРДЛОВСКОЕ УТРО 12+
7.30 «ВСЕ ГОВОРЯТ ОБ ЭТОМ» 16+
8.40, 13.40 ИЗВЕСТИЯ 16+
10.00 Т/С «МАРЬИНА РОЩА-2» 12+
12.00 НОВОСТИ ТАУ. ИТОГИ 16+
13.00 СОБЫТИЯ 16+
14.00 «ВСЕ ГОВОРЯТ ОБ ЭТОМ» 16+
15.00 Д/Ф «ВОЛЬНЬ-43» 12+
16.00 Т/С «МАРШ-БРОСОК – 3. ОХОТА НА ОХОТНИ-КА» 16+
17.45 БИЗНЕС СЕГОДНЯ 16+
18.00, 21.00, 23.30, 02.30 «ВСЕ ГОВОРЯТ ОБ ЭТОМ» 16+
18.30, 20.40 ИЗВЕСТИЯ 16+
19.00 НОВОСТИ ТАУ 16+
20.00 СОБЫТИЯ 16+
21.30, 00.00 НОВОСТИ ТАУ 16+
22.30 СОБЫТИЯ 16+
23.10, 02.20 ИЗВЕСТИЯ 16+
01.00 «ДЕЛО №...» 12+
01.30, 03.30 СОБЫТИЯ 16+
Пятый
5.00 «ИЗВЕСТИЯ» 16+
5.45 Т/С «ТРИ КАПИТАНА» 16+
8.35 «ДЕНЬ АНГЕЛА» 16+
9.00 «ИЗВЕСТИЯ» 16+
9.30 Т/С «КАЗНИТЬ НЕЛЬЗЯ ПОМИЛОВАТЬ» 16+
13.00 «ИЗВЕСТИЯ» 16+
13.30 Т/С «КАЗНИТЬ НЕЛЬЗЯ ПОМИЛОВАТЬ» 16+
17.00 «ИЗВЕСТИЯ» 16+
17.30 Т/С «СЛЕД» 16+
21.25 Т/С «ВЕЛИКОЛЕПНАЯ ПЯТЕРКА» 16+
00.00 «ИЗВЕСТИЯ. ИТОГОВЫЙ ВЫПУСК» 16+
00.30 Т/С «ВЕЛИКОЛЕПНАЯ ПЯТЕРКА» 16+
02.40 Т/С «СЛЕД» 16+
